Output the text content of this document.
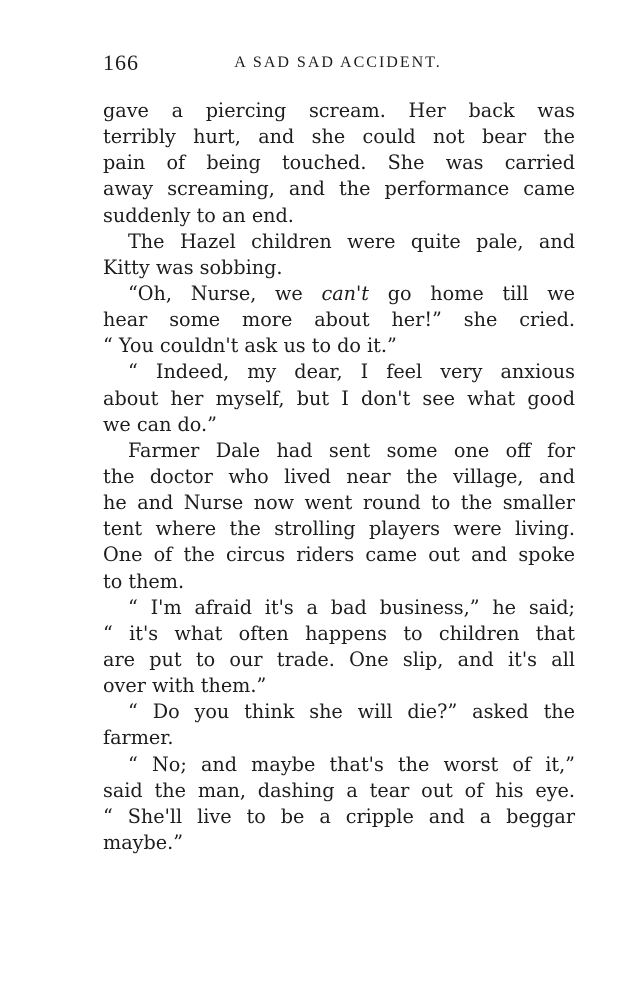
166	A SAD SAD ACCIDENT.
gave a piercing scream. Her back was
terribly hurt, and she could not bear the
pain of being touched. She was carried
away screaming, and the performance came
suddenly to an end.
The Hazel children were quite pale, and
Kitty was sobbing.
“Oh, Nurse, we can't go home till we
hear some more about her!” she cried.
“ You couldn't ask us to do it.”
“ Indeed, my dear, I feel very anxious
about her myself, but I don't see what good
we can do.”
Farmer Dale had sent some one off for
the doctor who lived near the village, and
he and Nurse now went round to the smaller
tent where the strolling players were living.
One of the circus riders came out and spoke
to them.
“ I'm afraid it's a bad business,” he said;
“ it's what often happens to children that
are put to our trade. One slip, and it's all
over with them.”
“ Do you think she will die?” asked the
farmer.
“ No; and maybe that's the worst of it,”
said the man, dashing a tear out of his eye.
“ She'll live to be a cripple and a beggar
maybe.”
